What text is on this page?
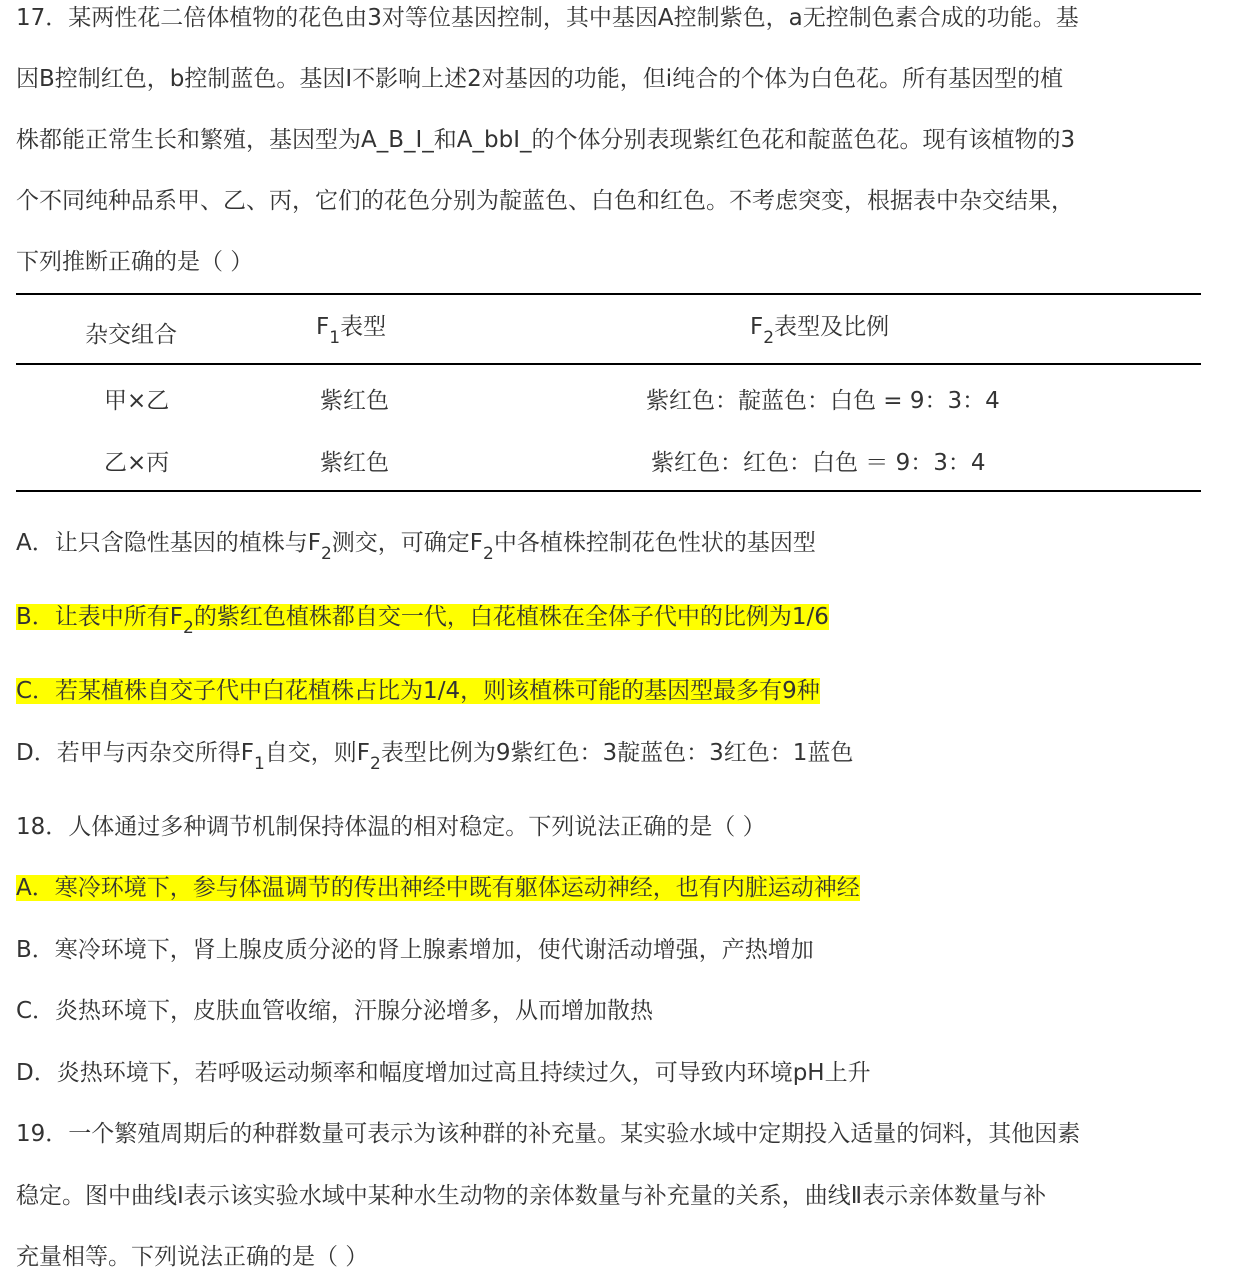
17．某两性花二倍体植物的花色由3对等位基因控制，其中基因A控制紫色，a无控制色素合成的功能。基
因B控制红色，b控制蓝色。基因I不影响上述2对基因的功能，但i纯合的个体为白色花。所有基因型的植
株都能正常生长和繁殖，基因型为A_B_I_和A_bbI_的个体分别表现紫红色花和靛蓝色花。现有该植物的3
个不同纯种品系甲、乙、丙，它们的花色分别为靛蓝色、白色和红色。不考虑突变，根据表中杂交结果，
下列推断正确的是（ ）
杂交组合	$F_1$表型	$F_2$表型及比例
甲×乙	紫红色	紫红色：靛蓝色：白色 = 9：3：4
乙×丙	紫红色	紫红色：红色：白色 ＝ 9：3：4
A．让只含隐性基因的植株与$F_2$测交，可确定$F_2$中各植株控制花色性状的基因型
B．让表中所有$F_2$的紫红色植株都自交一代，白花植株在全体子代中的比例为1/6
C．若某植株自交子代中白花植株占比为1/4，则该植株可能的基因型最多有9种
D．若甲与丙杂交所得$F_1$自交，则$F_2$表型比例为9紫红色：3靛蓝色：3红色：1蓝色
18．人体通过多种调节机制保持体温的相对稳定。下列说法正确的是（ ）
A．寒冷环境下，参与体温调节的传出神经中既有躯体运动神经，也有内脏运动神经
B．寒冷环境下，肾上腺皮质分泌的肾上腺素增加，使代谢活动增强，产热增加
C．炎热环境下，皮肤血管收缩，汗腺分泌增多，从而增加散热
D．炎热环境下，若呼吸运动频率和幅度增加过高且持续过久，可导致内环境pH上升
19．一个繁殖周期后的种群数量可表示为该种群的补充量。某实验水域中定期投入适量的饲料，其他因素
稳定。图中曲线Ⅰ表示该实验水域中某种水生动物的亲体数量与补充量的关系，曲线Ⅱ表示亲体数量与补
充量相等。下列说法正确的是（ ）
